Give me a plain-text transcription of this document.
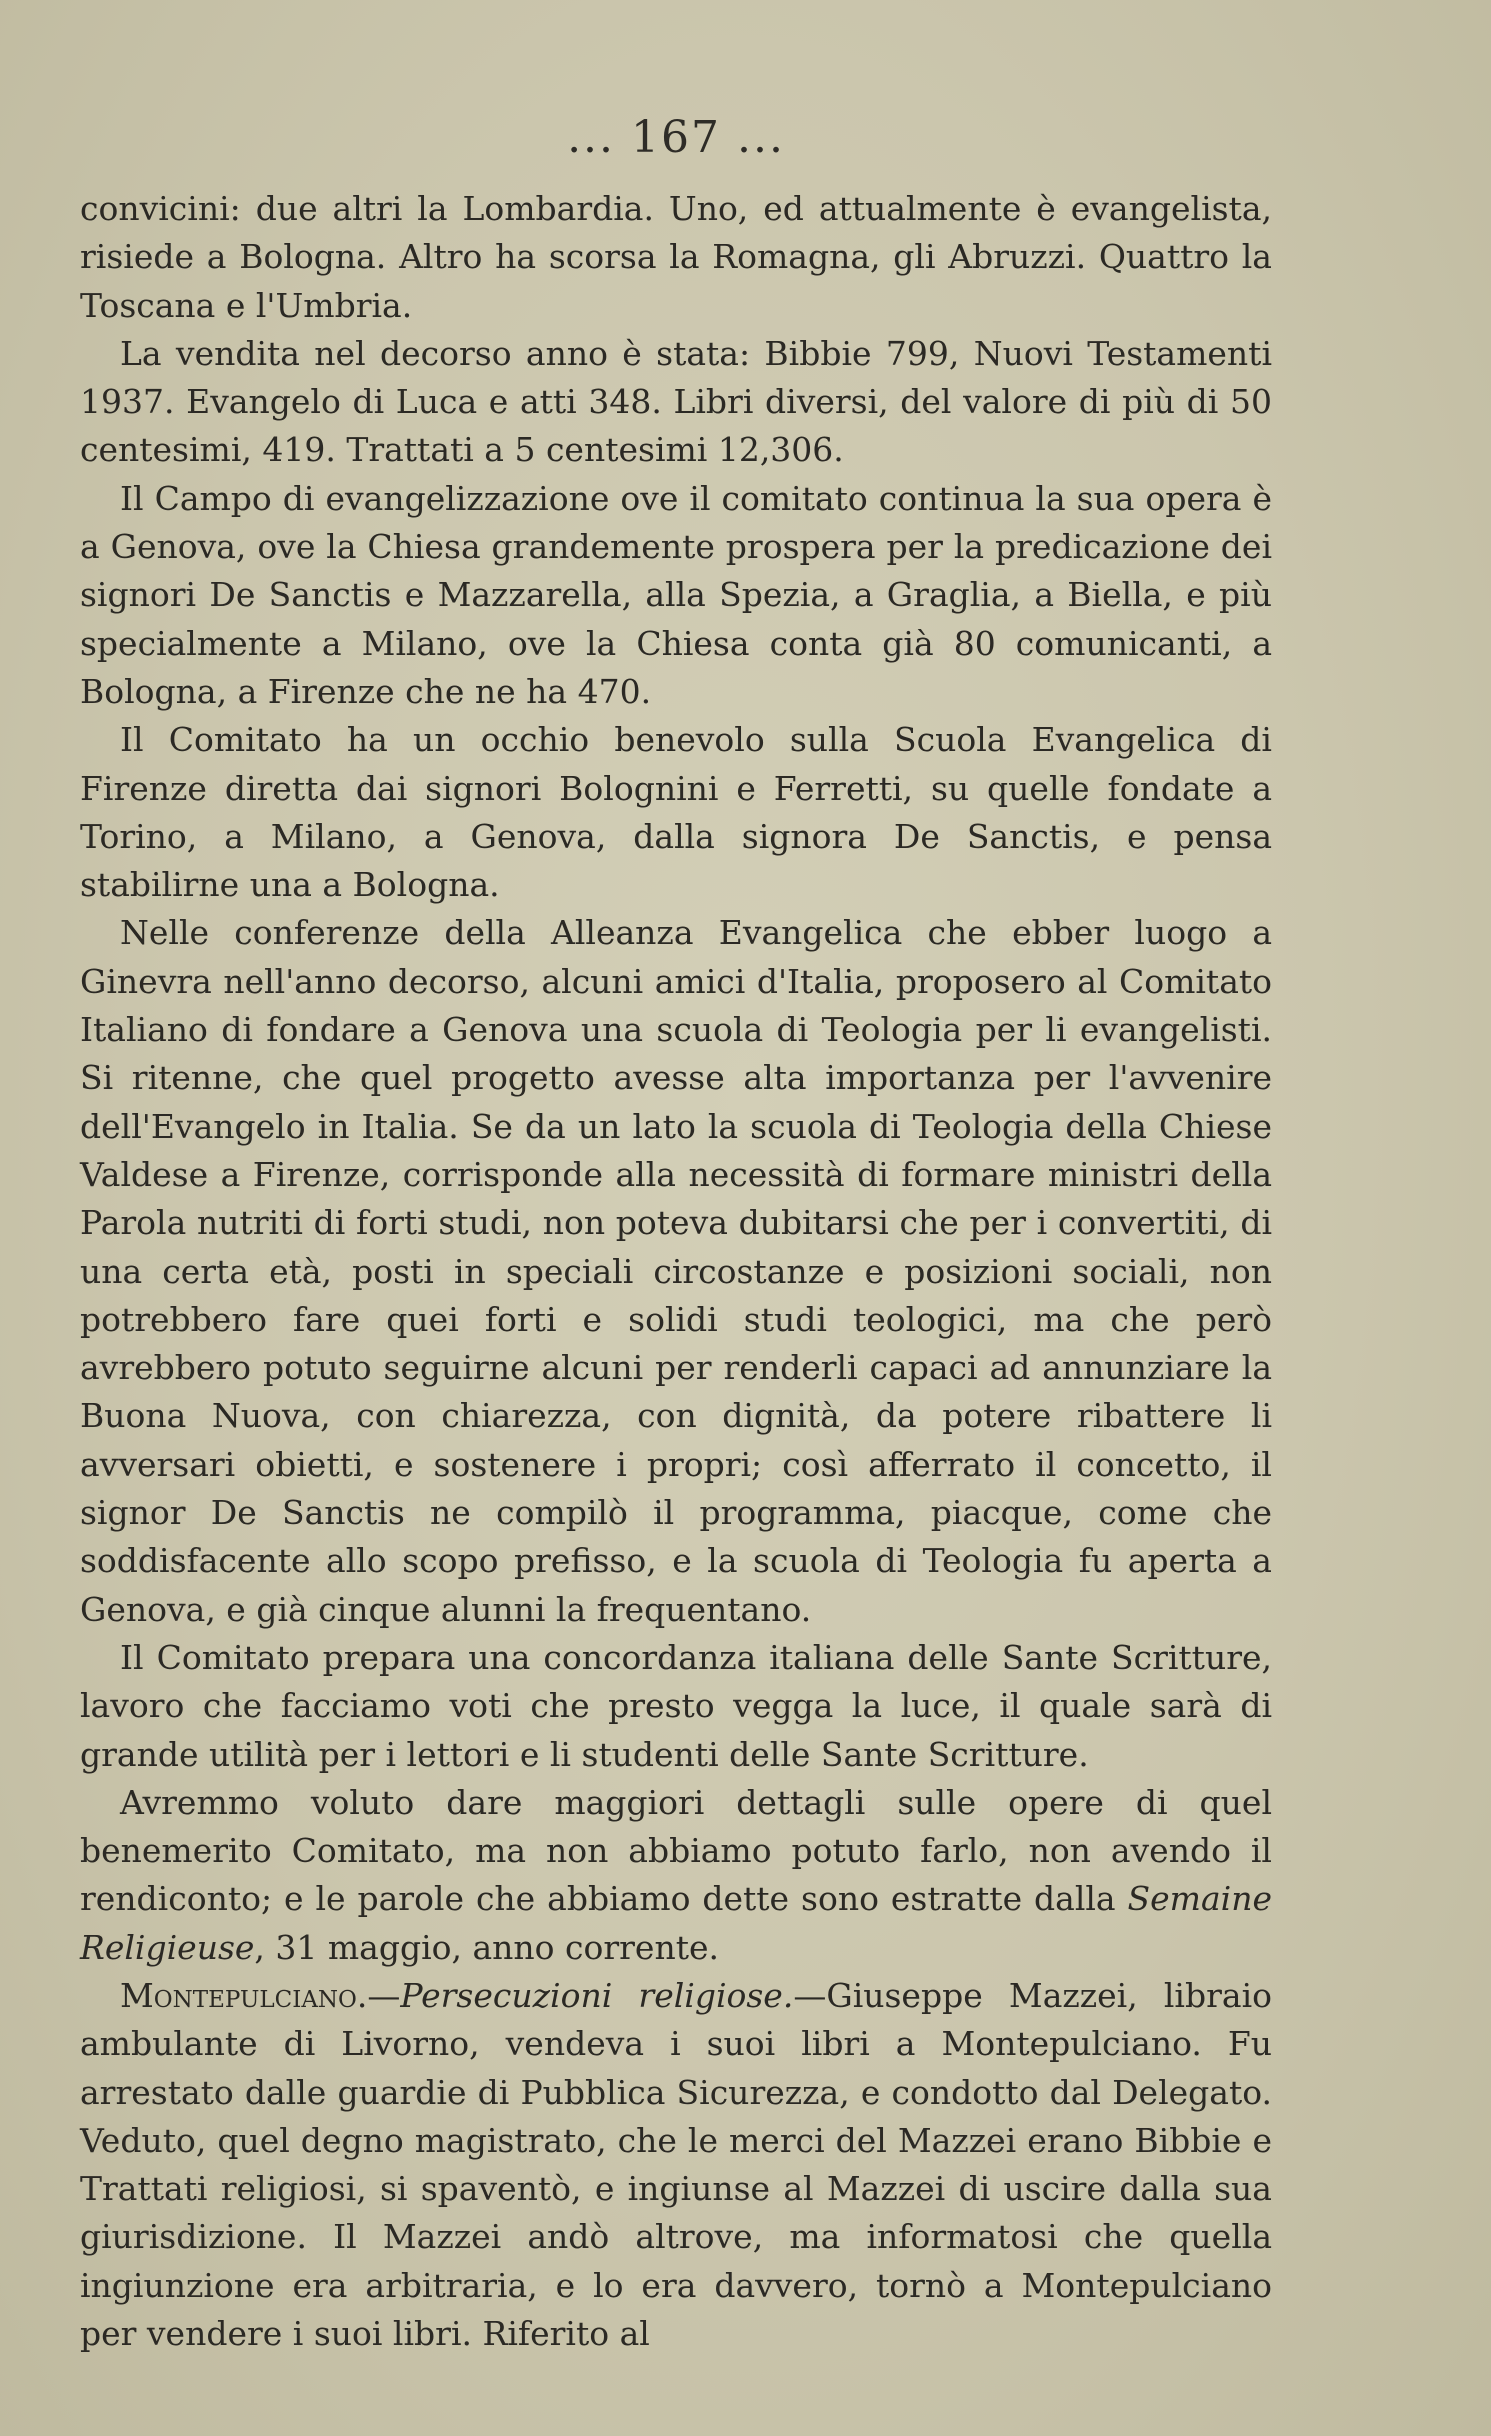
... 167 ...

convicini: due altri la Lombardia. Uno, ed attualmente è evangelista, risiede a Bologna. Altro ha scorsa la Romagna, gli Abruzzi. Quattro la Toscana e l'Umbria.

La vendita nel decorso anno è stata: Bibbie 799, Nuovi Testamenti 1937. Evangelo di Luca e atti 348. Libri diversi, del valore di più di 50 centesimi, 419. Trattati a 5 centesimi 12,306.

Il Campo di evangelizzazione ove il comitato continua la sua opera è a Genova, ove la Chiesa grandemente prospera per la predicazione dei signori De Sanctis e Mazzarella, alla Spezia, a Graglia, a Biella, e più specialmente a Milano, ove la Chiesa conta già 80 comunicanti, a Bologna, a Firenze che ne ha 470.

Il Comitato ha un occhio benevolo sulla Scuola Evangelica di Firenze diretta dai signori Bolognini e Ferretti, su quelle fondate a Torino, a Milano, a Genova, dalla signora De Sanctis, e pensa stabilirne una a Bologna.

Nelle conferenze della Alleanza Evangelica che ebber luogo a Ginevra nell'anno decorso, alcuni amici d'Italia, proposero al Comitato Italiano di fondare a Genova una scuola di Teologia per li evangelisti. Si ritenne, che quel progetto avesse alta importanza per l'avvenire dell'Evangelo in Italia. Se da un lato la scuola di Teologia della Chiese Valdese a Firenze, corrisponde alla necessità di formare ministri della Parola nutriti di forti studi, non poteva dubitarsi che per i convertiti, di una certa età, posti in speciali circostanze e posizioni sociali, non potrebbero fare quei forti e solidi studi teologici, ma che però avrebbero potuto seguirne alcuni per renderli capaci ad annunziare la Buona Nuova, con chiarezza, con dignità, da potere ribattere li avversari obietti, e sostenere i propri; così afferrato il concetto, il signor De Sanctis ne compilò il programma, piacque, come che soddisfacente allo scopo prefisso, e la scuola di Teologia fu aperta a Genova, e già cinque alunni la frequentano.

Il Comitato prepara una concordanza italiana delle Sante Scritture, lavoro che facciamo voti che presto vegga la luce, il quale sarà di grande utilità per i lettori e li studenti delle Sante Scritture.

Avremmo voluto dare maggiori dettagli sulle opere di quel benemerito Comitato, ma non abbiamo potuto farlo, non avendo il rendiconto; e le parole che abbiamo dette sono estratte dalla Semaine Religieuse, 31 maggio, anno corrente.

Montepulciano.—Persecuzioni religiose.—Giuseppe Mazzei, libraio ambulante di Livorno, vendeva i suoi libri a Montepulciano. Fu arrestato dalle guardie di Pubblica Sicurezza, e condotto dal Delegato. Veduto, quel degno magistrato, che le merci del Mazzei erano Bibbie e Trattati religiosi, si spaventò, e ingiunse al Mazzei di uscire dalla sua giurisdizione. Il Mazzei andò altrove, ma informatosi che quella ingiunzione era arbitraria, e lo era davvero, tornò a Montepulciano per vendere i suoi libri. Riferito al
